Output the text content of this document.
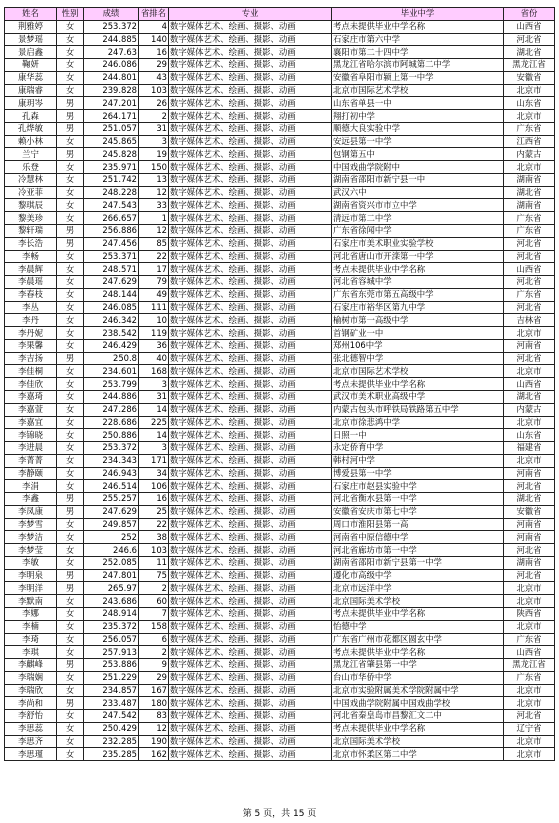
姓名	性别	成绩	省排名	专业	毕业中学	省份
荆雅婷	女	253.372	4	数字媒体艺术、绘画、摄影、动画	考点未提供毕业中学名称	山西省
景梦瑶	女	244.885	140	数字媒体艺术、绘画、摄影、动画	石家庄市第六中学	河北省
景启鑫	女	247.63	16	数字媒体艺术、绘画、摄影、动画	襄阳市第二十四中学	湖北省
鞠妍	女	246.086	29	数字媒体艺术、绘画、摄影、动画	黑龙江省哈尔滨市阿城第二中学	黑龙江省
康华蕊	女	244.801	43	数字媒体艺术、绘画、摄影、动画	安徽省阜阳市颍上第一中学	安徽省
康瑞睿	女	239.828	103	数字媒体艺术、绘画、摄影、动画	北京市国际艺术学校	北京市
康玥岑	男	247.201	26	数字媒体艺术、绘画、摄影、动画	山东省单县一中	山东省
孔森	男	264.171	2	数字媒体艺术、绘画、摄影、动画	翔打初中学	北京市
孔烨敏	男	251.057	31	数字媒体艺术、绘画、摄影、动画	顺德大良实验中学	广东省
赖小林	女	245.865	3	数字媒体艺术、绘画、摄影、动画	安远县第一中学	江西省
兰宁	男	245.828	19	数字媒体艺术、绘画、摄影、动画	包钢第五中	内蒙古
乐登	女	235.971	150	数字媒体艺术、绘画、摄影、动画	中国戏曲学院附中	北京市
冷慧林	女	251.742	13	数字媒体艺术、绘画、摄影、动画	湖南省邵阳市新宁县一中	湖南省
冷亚菲	女	248.228	12	数字媒体艺术、绘画、摄影、动画	武汉六中	湖北省
黎琪辰	女	247.543	33	数字媒体艺术、绘画、摄影、动画	湖南省资兴市市立中学	湖南省
黎美珍	女	266.657	1	数字媒体艺术、绘画、摄影、动画	清远市第二中学	广东省
黎轩瑞	男	256.886	12	数字媒体艺术、绘画、摄影、动画	广东省徐闻中学	广东省
李长浩	男	247.456	85	数字媒体艺术、绘画、摄影、动画	石家庄市美术职业实验学校	河北省
李畅	女	253.371	22	数字媒体艺术、绘画、摄影、动画	河北省唐山市开滦第一中学	河北省
李晨辉	女	248.571	17	数字媒体艺术、绘画、摄影、动画	考点未提供毕业中学名称	山西省
李晨瑶	女	247.629	79	数字媒体艺术、绘画、摄影、动画	河北省容城中学	河北省
李春枝	女	248.144	49	数字媒体艺术、绘画、摄影、动画	广东省东莞市第五高级中学	广东省
李丛	女	246.085	111	数字媒体艺术、绘画、摄影、动画	石家庄市裕华区第九中学	河北省
李丹	女	246.342	10	数字媒体艺术、绘画、摄影、动画	榆树市第一高级中学	吉林省
李丹妮	女	238.542	119	数字媒体艺术、绘画、摄影、动画	首钢矿业一中	北京市
李果馨	女	246.429	36	数字媒体艺术、绘画、摄影、动画	郑州106中学	河南省
李吉扬	男	250.8	40	数字媒体艺术、绘画、摄影、动画	张北德智中学	河北省
李佳桐	女	234.601	168	数字媒体艺术、绘画、摄影、动画	北京市国际艺术学校	北京市
李佳欣	女	253.799	3	数字媒体艺术、绘画、摄影、动画	考点未提供毕业中学名称	山西省
李嘉琦	女	244.886	31	数字媒体艺术、绘画、摄影、动画	武汉市美术职业高级中学	湖北省
李嘉萱	女	247.286	14	数字媒体艺术、绘画、摄影、动画	内蒙古包头市呼铁局铁路第五中学	内蒙古
李嘉宜	女	228.686	225	数字媒体艺术、绘画、摄影、动画	北京市徐悲鸿中学	北京市
李锦晓	女	250.886	14	数字媒体艺术、绘画、摄影、动画	日照一中	山东省
李进晨	女	253.372	3	数字媒体艺术、绘画、摄影、动画	永定侨育中学	福建省
李菁菁	女	234.343	171	数字媒体艺术、绘画、摄影、动画	韩村河中学	北京市
李静颐	女	246.943	34	数字媒体艺术、绘画、摄影、动画	博爱县第一中学	河南省
李涓	女	246.514	106	数字媒体艺术、绘画、摄影、动画	石家庄市赵县实验中学	河北省
李鑫	男	255.257	16	数字媒体艺术、绘画、摄影、动画	河北省衡水县第一中学	湖北省
李凤康	男	247.629	25	数字媒体艺术、绘画、摄影、动画	安徽省安庆市第七中学	安徽省
李梦雪	女	249.857	22	数字媒体艺术、绘画、摄影、动画	周口市淮阳县第一高	河南省
李梦洁	女	252	38	数字媒体艺术、绘画、摄影、动画	河南省中原信德中学	河南省
李梦莹	女	246.6	103	数字媒体艺术、绘画、摄影、动画	河北省廊坊市第一中学	河北省
李敏	女	252.085	11	数字媒体艺术、绘画、摄影、动画	湖南省邵阳市新宁县第一中学	湖南省
李明泉	男	247.801	75	数字媒体艺术、绘画、摄影、动画	遵化市高级中学	河北省
李明洋	男	265.97	2	数字媒体艺术、绘画、摄影、动画	北京市远洋中学	北京市
李默南	女	243.686	60	数字媒体艺术、绘画、摄影、动画	北京国际美术学校	北京市
李娜	女	248.914	7	数字媒体艺术、绘画、摄影、动画	考点未提供毕业中学名称	陕西省
李楠	女	235.372	158	数字媒体艺术、绘画、摄影、动画	怡德中学	北京市
李琦	女	256.057	6	数字媒体艺术、绘画、摄影、动画	广东省广州市花都区圆玄中学	广东省
李琪	女	257.913	2	数字媒体艺术、绘画、摄影、动画	考点未提供毕业中学名称	山西省
李麒峰	男	253.886	9	数字媒体艺术、绘画、摄影、动画	黑龙江省肇县第一中学	黑龙江省
李瑞娴	女	251.229	29	数字媒体艺术、绘画、摄影、动画	台山市华侨中学	广东省
李瑞欣	女	234.857	167	数字媒体艺术、绘画、摄影、动画	北京市实验附属美术学院附属中学	北京市
李尚和	男	233.487	180	数字媒体艺术、绘画、摄影、动画	中国戏曲学院附属中国戏曲学校	北京市
李舒怡	女	247.542	83	数字媒体艺术、绘画、摄影、动画	河北省秦皇岛市昌黎汇文二中	河北省
李思蕊	女	250.429	12	数字媒体艺术、绘画、摄影、动画	考点未提供毕业中学名称	辽宁省
李思齐	女	232.285	190	数字媒体艺术、绘画、摄影、动画	北京国际美术学校	北京市
李思瑾	女	235.285	162	数字媒体艺术、绘画、摄影、动画	北京市怀柔区第二中学	北京市
第 5 页，共 15 页
